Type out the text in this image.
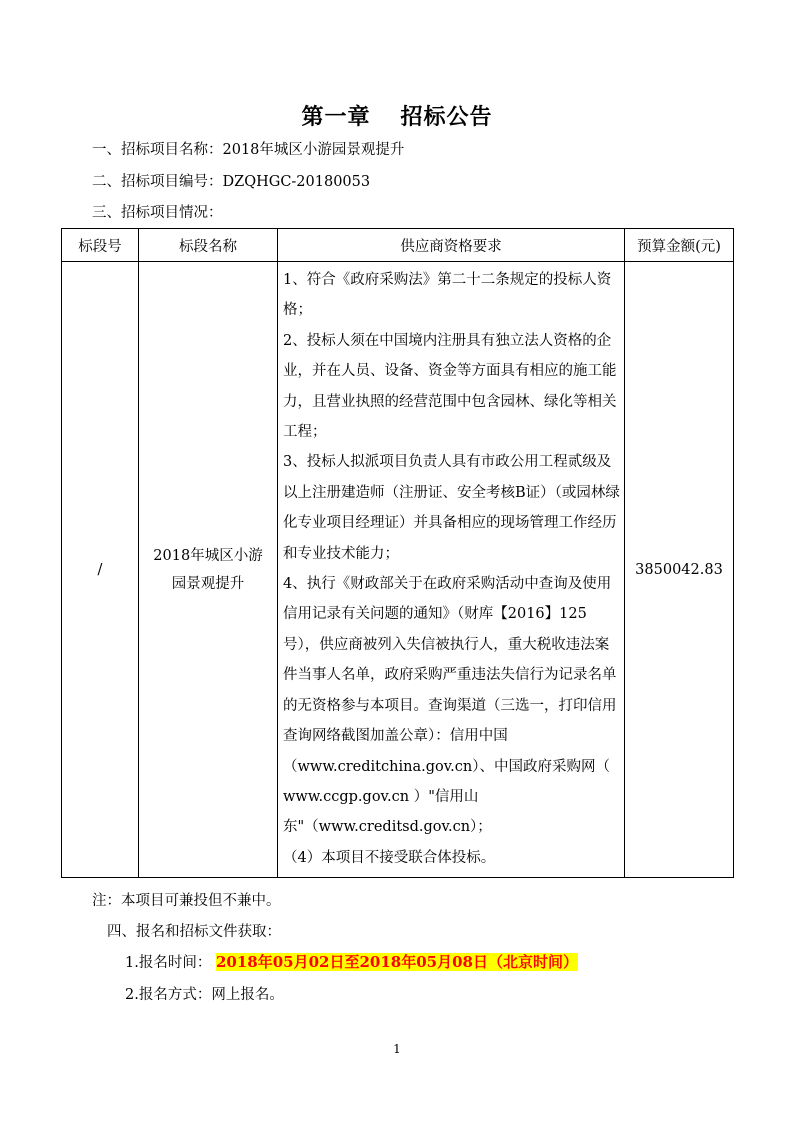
第一章 招标公告
一、招标项目名称：2018年城区小游园景观提升
二、招标项目编号：DZQHGC-20180053
三、招标项目情况：
标段号	标段名称	供应商资格要求	预算金额(元)
/	2018年城区小游园景观提升	1、符合《政府采购法》第二十二条规定的投标人资格；

2、投标人须在中国境内注册具有独立法人资格的企业，并在人员、设备、资金等方面具有相应的施工能力，且营业执照的经营范围中包含园林、绿化等相关工程；

3、投标人拟派项目负责人具有市政公用工程贰级及以上注册建造师（注册证、安全考核B证）（或园林绿化专业项目经理证）并具备相应的现场管理工作经历和专业技术能力；

4、执行《财政部关于在政府采购活动中查询及使用信用记录有关问题的通知》（财库【2016】125号），供应商被列入失信被执行人，重大税收违法案件当事人名单，政府采购严重违法失信行为记录名单的无资格参与本项目。查询渠道（三选一，打印信用查询网络截图加盖公章）：信用中国（www.creditchina.gov.cn）、中国政府采购网（ www.ccgp.gov.cn ）"信用山东"（www.creditsd.gov.cn）；

（4）本项目不接受联合体投标。	3850042.83
注：本项目可兼投但不兼中。
四、报名和招标文件获取：
1.报名时间： 2018年05月02日至2018年05月08日（北京时间）
2.报名方式：网上报名。
1
